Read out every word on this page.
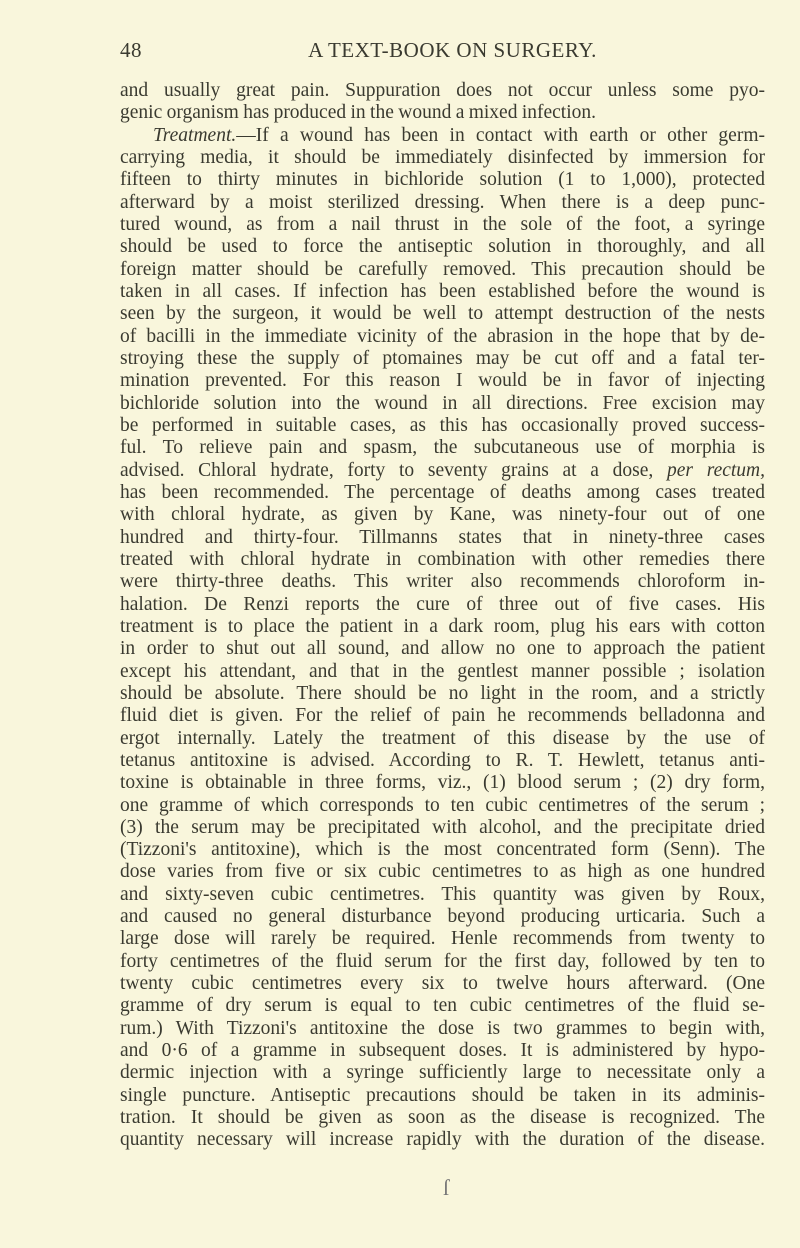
48	A TEXT-BOOK ON SURGERY.
and usually great pain. Suppuration does not occur unless some pyo-
genic organism has produced in the wound a mixed infection.
Treatment.—If a wound has been in contact with earth or other germ-
carrying media, it should be immediately disinfected by immersion for
fifteen to thirty minutes in bichloride solution (1 to 1,000), protected
afterward by a moist sterilized dressing. When there is a deep punc-
tured wound, as from a nail thrust in the sole of the foot, a syringe
should be used to force the antiseptic solution in thoroughly, and all
foreign matter should be carefully removed. This precaution should be
taken in all cases. If infection has been established before the wound is
seen by the surgeon, it would be well to attempt destruction of the nests
of bacilli in the immediate vicinity of the abrasion in the hope that by de-
stroying these the supply of ptomaines may be cut off and a fatal ter-
mination prevented. For this reason I would be in favor of injecting
bichloride solution into the wound in all directions. Free excision may
be performed in suitable cases, as this has occasionally proved success-
ful. To relieve pain and spasm, the subcutaneous use of morphia is
advised. Chloral hydrate, forty to seventy grains at a dose, per rectum,
has been recommended. The percentage of deaths among cases treated
with chloral hydrate, as given by Kane, was ninety-four out of one
hundred and thirty-four. Tillmanns states that in ninety-three cases
treated with chloral hydrate in combination with other remedies there
were thirty-three deaths. This writer also recommends chloroform in-
halation. De Renzi reports the cure of three out of five cases. His
treatment is to place the patient in a dark room, plug his ears with cotton
in order to shut out all sound, and allow no one to approach the patient
except his attendant, and that in the gentlest manner possible ; isolation
should be absolute. There should be no light in the room, and a strictly
fluid diet is given. For the relief of pain he recommends belladonna and
ergot internally. Lately the treatment of this disease by the use of
tetanus antitoxine is advised. According to R. T. Hewlett, tetanus anti-
toxine is obtainable in three forms, viz., (1) blood serum ; (2) dry form,
one gramme of which corresponds to ten cubic centimetres of the serum ;
(3) the serum may be precipitated with alcohol, and the precipitate dried
(Tizzoni's antitoxine), which is the most concentrated form (Senn). The
dose varies from five or six cubic centimetres to as high as one hundred
and sixty-seven cubic centimetres. This quantity was given by Roux,
and caused no general disturbance beyond producing urticaria. Such a
large dose will rarely be required. Henle recommends from twenty to
forty centimetres of the fluid serum for the first day, followed by ten to
twenty cubic centimetres every six to twelve hours afterward. (One
gramme of dry serum is equal to ten cubic centimetres of the fluid se-
rum.) With Tizzoni's antitoxine the dose is two grammes to begin with,
and 0·6 of a gramme in subsequent doses. It is administered by hypo-
dermic injection with a syringe sufficiently large to necessitate only a
single puncture. Antiseptic precautions should be taken in its adminis-
tration. It should be given as soon as the disease is recognized. The
quantity necessary will increase rapidly with the duration of the disease.
ſ
